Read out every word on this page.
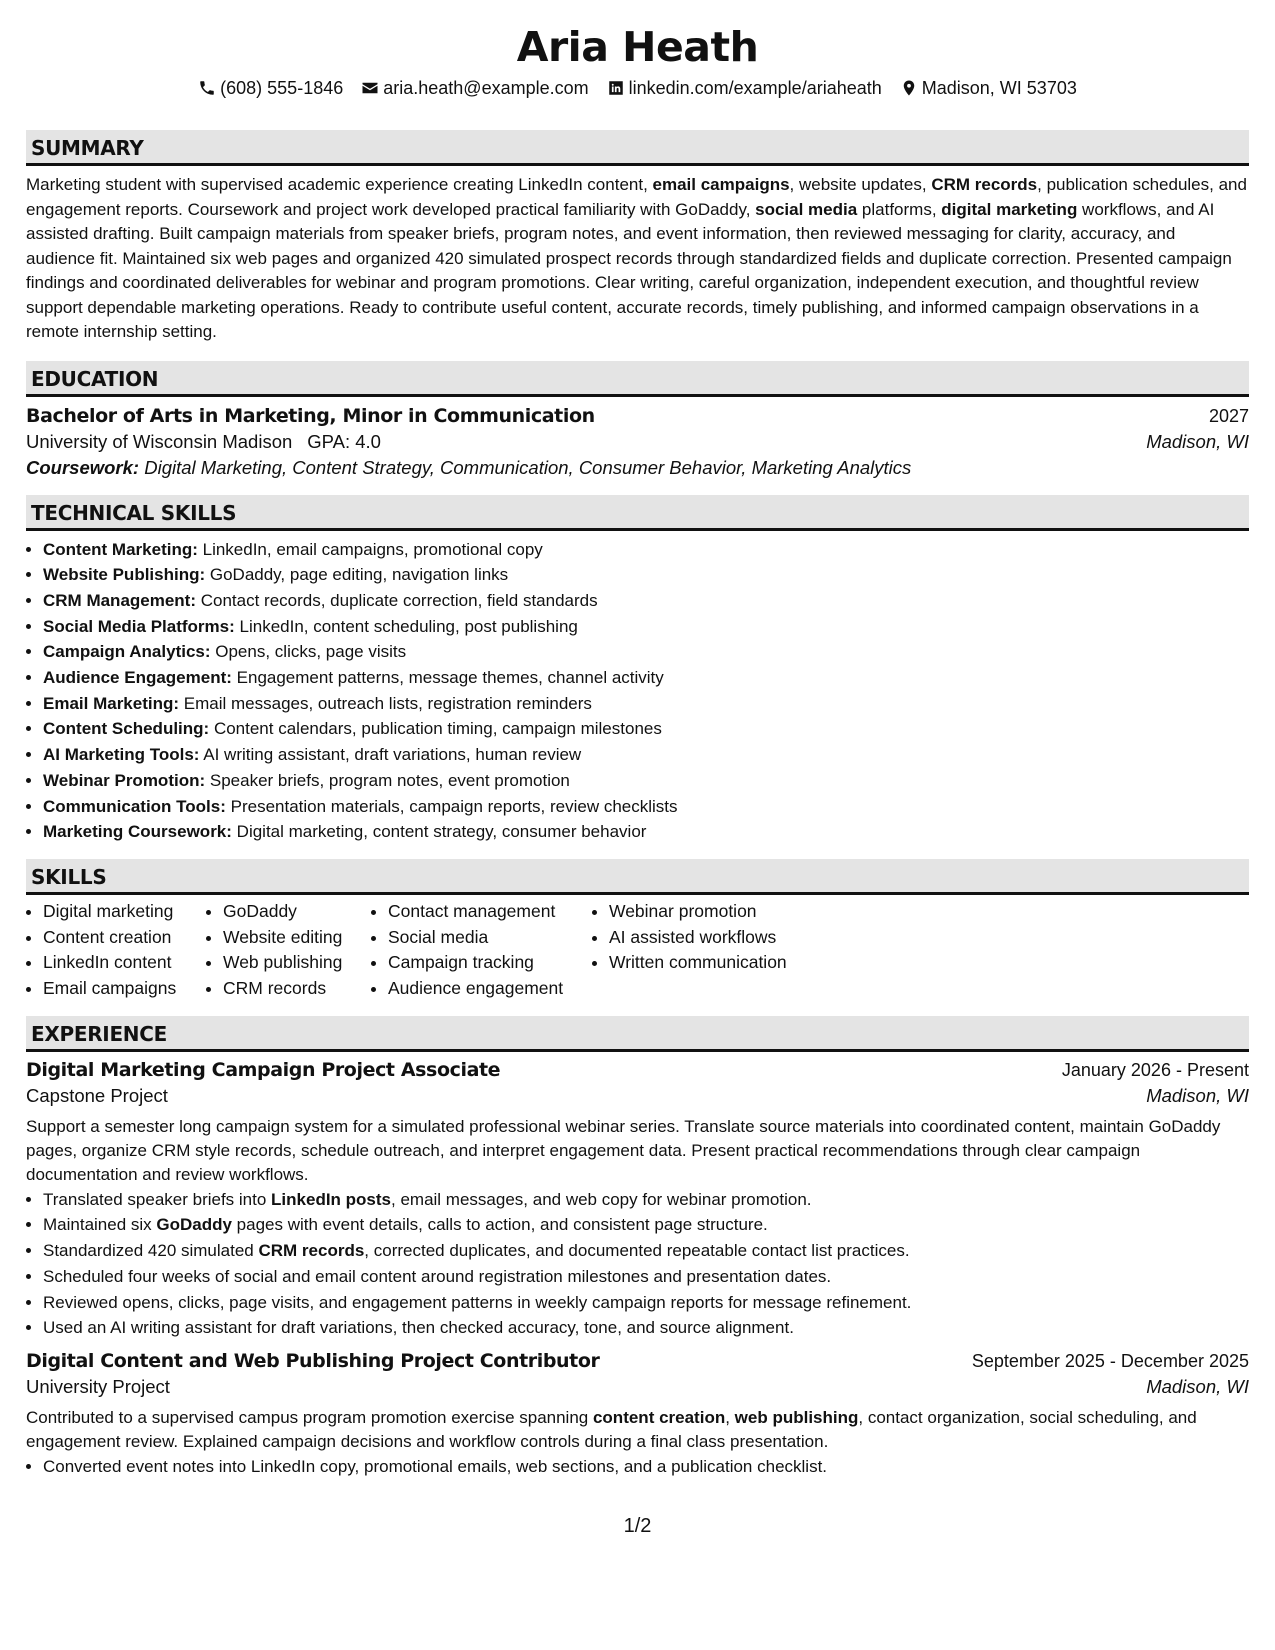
Aria Heath
(608) 555-1846 aria.heath@example.com linkedin.com/example/ariaheath Madison, WI 53703
SUMMARY

Marketing student with supervised academic experience creating LinkedIn content, email campaigns, website updates, CRM records, publication schedules, and engagement reports. Coursework and project work developed practical familiarity with GoDaddy, social media platforms, digital marketing workflows, and AI assisted drafting. Built campaign materials from speaker briefs, program notes, and event information, then reviewed messaging for clarity, accuracy, and audience fit. Maintained six web pages and organized 420 simulated prospect records through standardized fields and duplicate correction. Presented campaign findings and coordinated deliverables for webinar and program promotions. Clear writing, careful organization, independent execution, and thoughtful review support dependable marketing operations. Ready to contribute useful content, accurate records, timely publishing, and informed campaign observations in a remote internship setting.

EDUCATION
Bachelor of Arts in Marketing, Minor in Communication	2027
University of Wisconsin Madison GPA: 4.0	Madison, WI
Coursework: Digital Marketing, Content Strategy, Communication, Consumer Behavior, Marketing Analytics
TECHNICAL SKILLS
• Content Marketing: LinkedIn, email campaigns, promotional copy
• Website Publishing: GoDaddy, page editing, navigation links
• CRM Management: Contact records, duplicate correction, field standards
• Social Media Platforms: LinkedIn, content scheduling, post publishing
• Campaign Analytics: Opens, clicks, page visits
• Audience Engagement: Engagement patterns, message themes, channel activity
• Email Marketing: Email messages, outreach lists, registration reminders
• Content Scheduling: Content calendars, publication timing, campaign milestones
• AI Marketing Tools: AI writing assistant, draft variations, human review
• Webinar Promotion: Speaker briefs, program notes, event promotion
• Communication Tools: Presentation materials, campaign reports, review checklists
• Marketing Coursework: Digital marketing, content strategy, consumer behavior
SKILLS
• Digital marketing
• Content creation
• LinkedIn content
• Email campaigns
• GoDaddy
• Website editing
• Web publishing
• CRM records
• Contact management
• Social media
• Campaign tracking
• Audience engagement
• Webinar promotion
• AI assisted workflows
• Written communication
EXPERIENCE
Digital Marketing Campaign Project Associate	January 2026 - Present
Capstone Project	Madison, WI

Support a semester long campaign system for a simulated professional webinar series. Translate source materials into coordinated content, maintain GoDaddy pages, organize CRM style records, schedule outreach, and interpret engagement data. Present practical recommendations through clear campaign documentation and review workflows.

• Translated speaker briefs into LinkedIn posts, email messages, and web copy for webinar promotion.
• Maintained six GoDaddy pages with event details, calls to action, and consistent page structure.
• Standardized 420 simulated CRM records, corrected duplicates, and documented repeatable contact list practices.
• Scheduled four weeks of social and email content around registration milestones and presentation dates.
• Reviewed opens, clicks, page visits, and engagement patterns in weekly campaign reports for message refinement.
• Used an AI writing assistant for draft variations, then checked accuracy, tone, and source alignment.
Digital Content and Web Publishing Project Contributor	September 2025 - December 2025
University Project	Madison, WI

Contributed to a supervised campus program promotion exercise spanning content creation, web publishing, contact organization, social scheduling, and engagement review. Explained campaign decisions and workflow controls during a final class presentation.

• Converted event notes into LinkedIn copy, promotional emails, web sections, and a publication checklist.
1/2
